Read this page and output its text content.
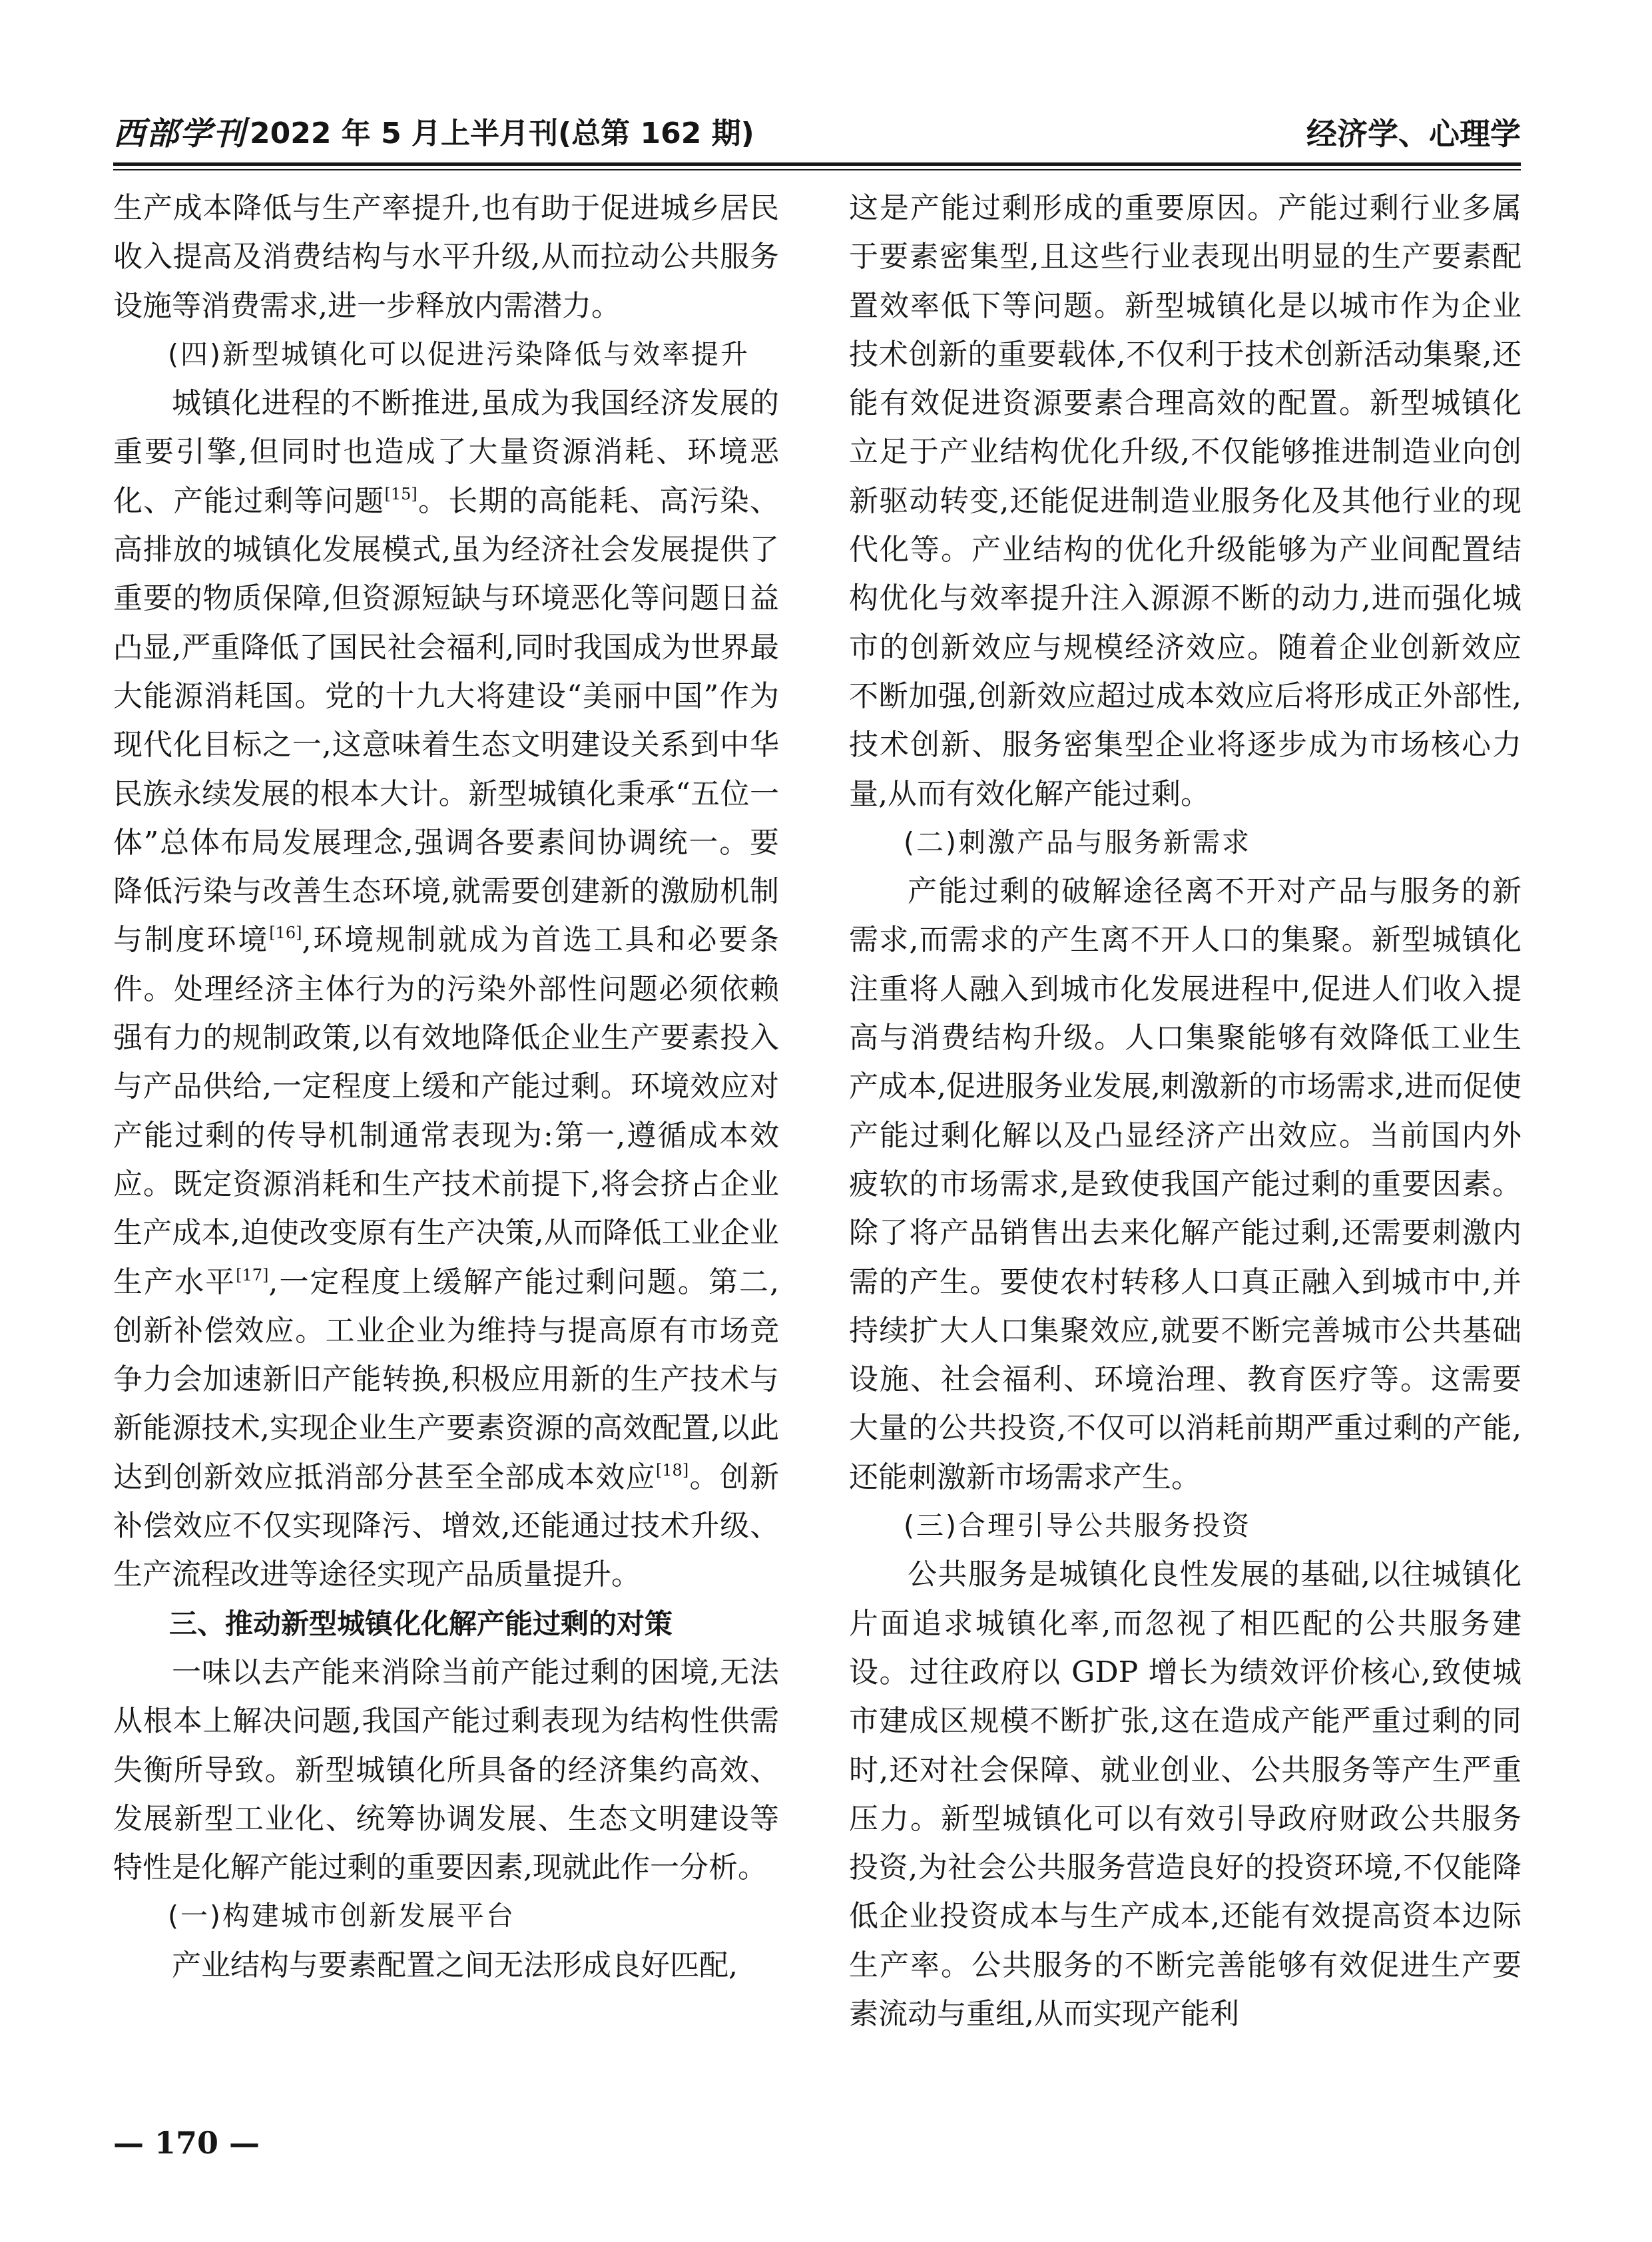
西部学刊 2022 年 5 月上半月刊(总第 162 期)	经济学、心理学

生产成本降低与生产率提升,也有助于促进城乡居民收入提高及消费结构与水平升级,从而拉动公共服务设施等消费需求,进一步释放内需潜力。

(四)新型城镇化可以促进污染降低与效率提升

城镇化进程的不断推进,虽成为我国经济发展的重要引擎,但同时也造成了大量资源消耗、环境恶化、产能过剩等问题[15]。长期的高能耗、高污染、高排放的城镇化发展模式,虽为经济社会发展提供了重要的物质保障,但资源短缺与环境恶化等问题日益凸显,严重降低了国民社会福利,同时我国成为世界最大能源消耗国。党的十九大将建设“美丽中国”作为现代化目标之一,这意味着生态文明建设关系到中华民族永续发展的根本大计。新型城镇化秉承“五位一体”总体布局发展理念,强调各要素间协调统一。要降低污染与改善生态环境,就需要创建新的激励机制与制度环境[16],环境规制就成为首选工具和必要条件。处理经济主体行为的污染外部性问题必须依赖强有力的规制政策,以有效地降低企业生产要素投入与产品供给,一定程度上缓和产能过剩。环境效应对产能过剩的传导机制通常表现为:第一,遵循成本效应。既定资源消耗和生产技术前提下,将会挤占企业生产成本,迫使改变原有生产决策,从而降低工业企业生产水平[17],一定程度上缓解产能过剩问题。第二,创新补偿效应。工业企业为维持与提高原有市场竞争力会加速新旧产能转换,积极应用新的生产技术与新能源技术,实现企业生产要素资源的高效配置,以此达到创新效应抵消部分甚至全部成本效应[18]。创新补偿效应不仅实现降污、增效,还能通过技术升级、生产流程改进等途径实现产品质量提升。

三、推动新型城镇化化解产能过剩的对策

一味以去产能来消除当前产能过剩的困境,无法从根本上解决问题,我国产能过剩表现为结构性供需失衡所导致。新型城镇化所具备的经济集约高效、发展新型工业化、统筹协调发展、生态文明建设等特性是化解产能过剩的重要因素,现就此作一分析。

(一)构建城市创新发展平台

产业结构与要素配置之间无法形成良好匹配,

这是产能过剩形成的重要原因。产能过剩行业多属于要素密集型,且这些行业表现出明显的生产要素配置效率低下等问题。新型城镇化是以城市作为企业技术创新的重要载体,不仅利于技术创新活动集聚,还能有效促进资源要素合理高效的配置。新型城镇化立足于产业结构优化升级,不仅能够推进制造业向创新驱动转变,还能促进制造业服务化及其他行业的现代化等。产业结构的优化升级能够为产业间配置结构优化与效率提升注入源源不断的动力,进而强化城市的创新效应与规模经济效应。随着企业创新效应不断加强,创新效应超过成本效应后将形成正外部性,技术创新、服务密集型企业将逐步成为市场核心力量,从而有效化解产能过剩。

(二)刺激产品与服务新需求

产能过剩的破解途径离不开对产品与服务的新需求,而需求的产生离不开人口的集聚。新型城镇化注重将人融入到城市化发展进程中,促进人们收入提高与消费结构升级。人口集聚能够有效降低工业生产成本,促进服务业发展,刺激新的市场需求,进而促使产能过剩化解以及凸显经济产出效应。当前国内外疲软的市场需求,是致使我国产能过剩的重要因素。除了将产品销售出去来化解产能过剩,还需要刺激内需的产生。要使农村转移人口真正融入到城市中,并持续扩大人口集聚效应,就要不断完善城市公共基础设施、社会福利、环境治理、教育医疗等。这需要大量的公共投资,不仅可以消耗前期严重过剩的产能,还能刺激新市场需求产生。

(三)合理引导公共服务投资

公共服务是城镇化良性发展的基础,以往城镇化片面追求城镇化率,而忽视了相匹配的公共服务建设。过往政府以 GDP 增长为绩效评价核心,致使城市建成区规模不断扩张,这在造成产能严重过剩的同时,还对社会保障、就业创业、公共服务等产生严重压力。新型城镇化可以有效引导政府财政公共服务投资,为社会公共服务营造良好的投资环境,不仅能降低企业投资成本与生产成本,还能有效提高资本边际生产率。公共服务的不断完善能够有效促进生产要素流动与重组,从而实现产能利

— 170 —
